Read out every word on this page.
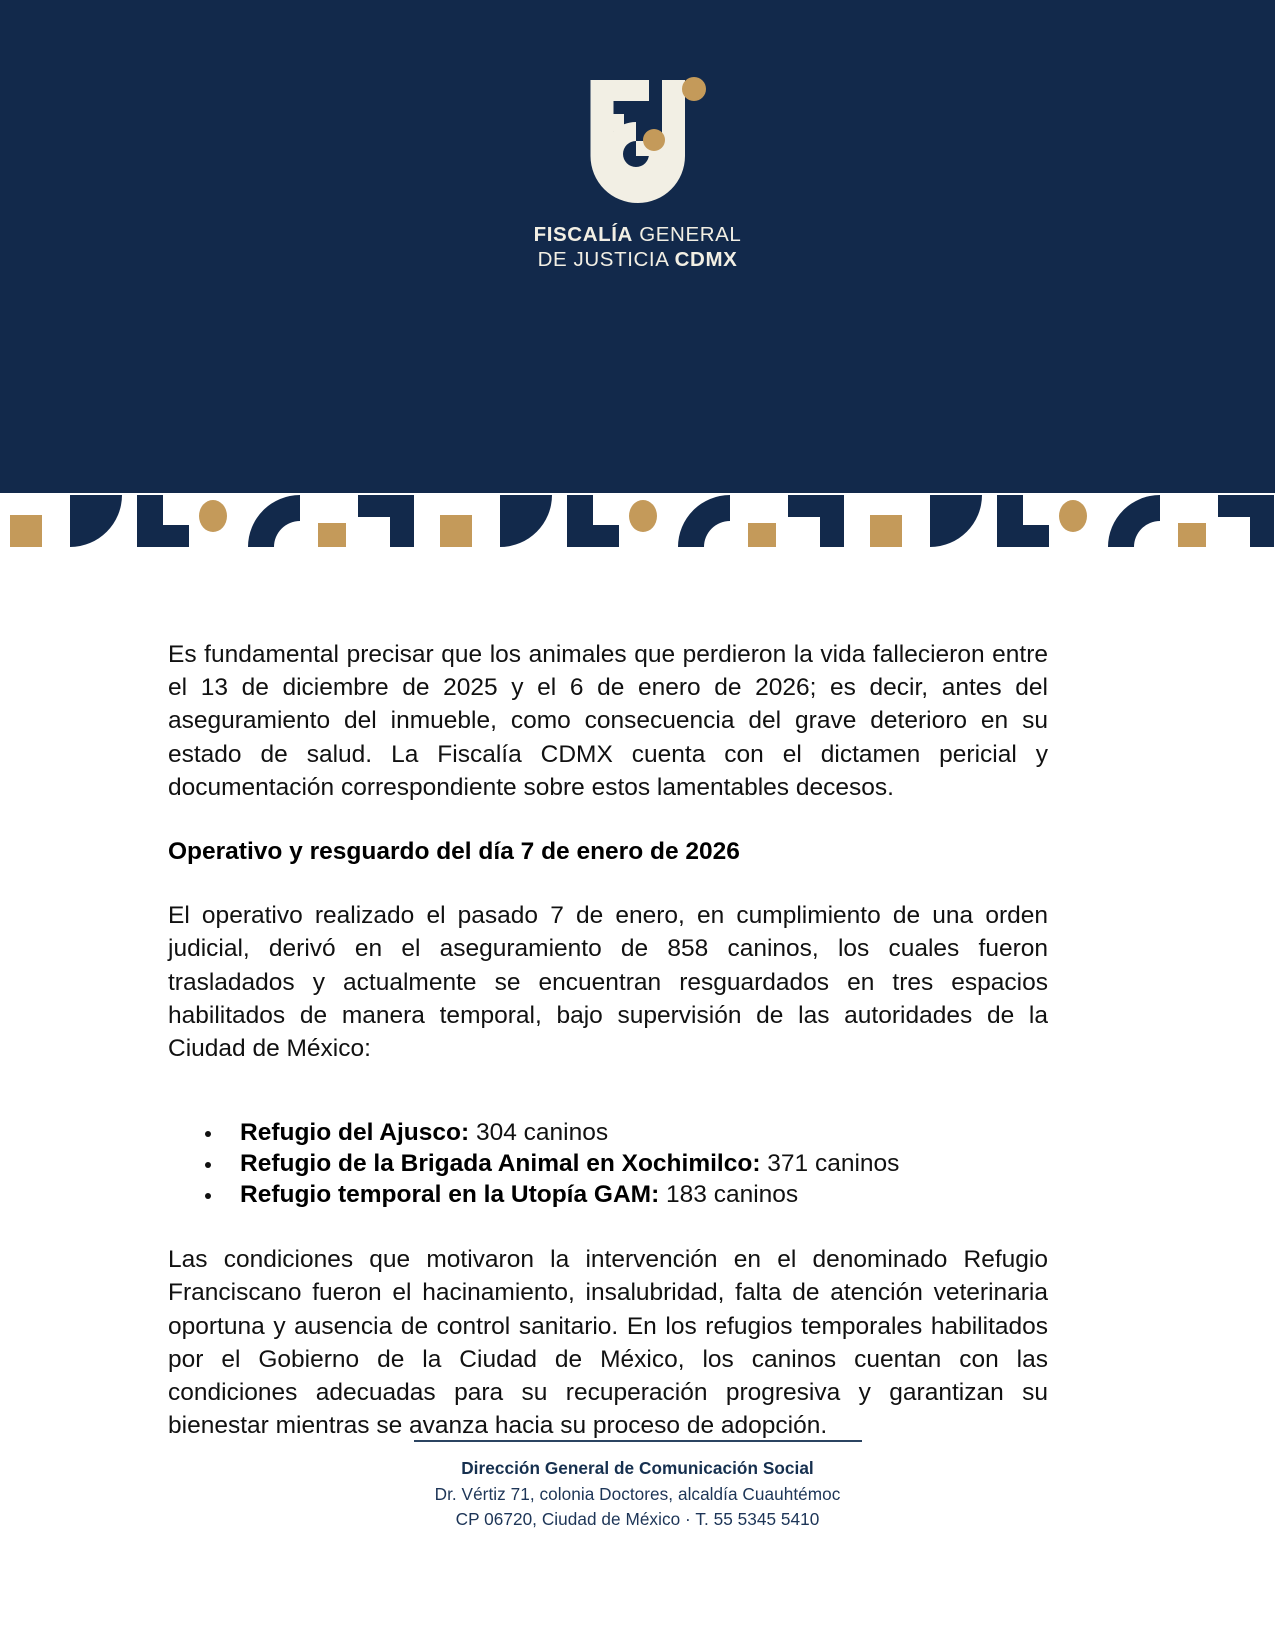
FISCALÍA GENERAL
DE JUSTICIA CDMX

Es fundamental precisar que los animales que perdieron la vida fallecieron entre el 13 de diciembre de 2025 y el 6 de enero de 2026; es decir, antes del aseguramiento del inmueble, como consecuencia del grave deterioro en su estado de salud. La Fiscalía CDMX cuenta con el dictamen pericial y documentación correspondiente sobre estos lamentables decesos.

Operativo y resguardo del día 7 de enero de 2026

El operativo realizado el pasado 7 de enero, en cumplimiento de una orden judicial, derivó en el aseguramiento de 858 caninos, los cuales fueron trasladados y actualmente se encuentran resguardados en tres espacios habilitados de manera temporal, bajo supervisión de las autoridades de la Ciudad de México:

Refugio del Ajusco: 304 caninos
Refugio de la Brigada Animal en Xochimilco: 371 caninos
Refugio temporal en la Utopía GAM: 183 caninos

Las condiciones que motivaron la intervención en el denominado Refugio Franciscano fueron el hacinamiento, insalubridad, falta de atención veterinaria oportuna y ausencia de control sanitario. En los refugios temporales habilitados por el Gobierno de la Ciudad de México, los caninos cuentan con las condiciones adecuadas para su recuperación progresiva y garantizan su bienestar mientras se avanza hacia su proceso de adopción.

Dirección General de Comunicación Social
Dr. Vértiz 71, colonia Doctores, alcaldía Cuauhtémoc
CP 06720, Ciudad de México · T. 55 5345 5410
